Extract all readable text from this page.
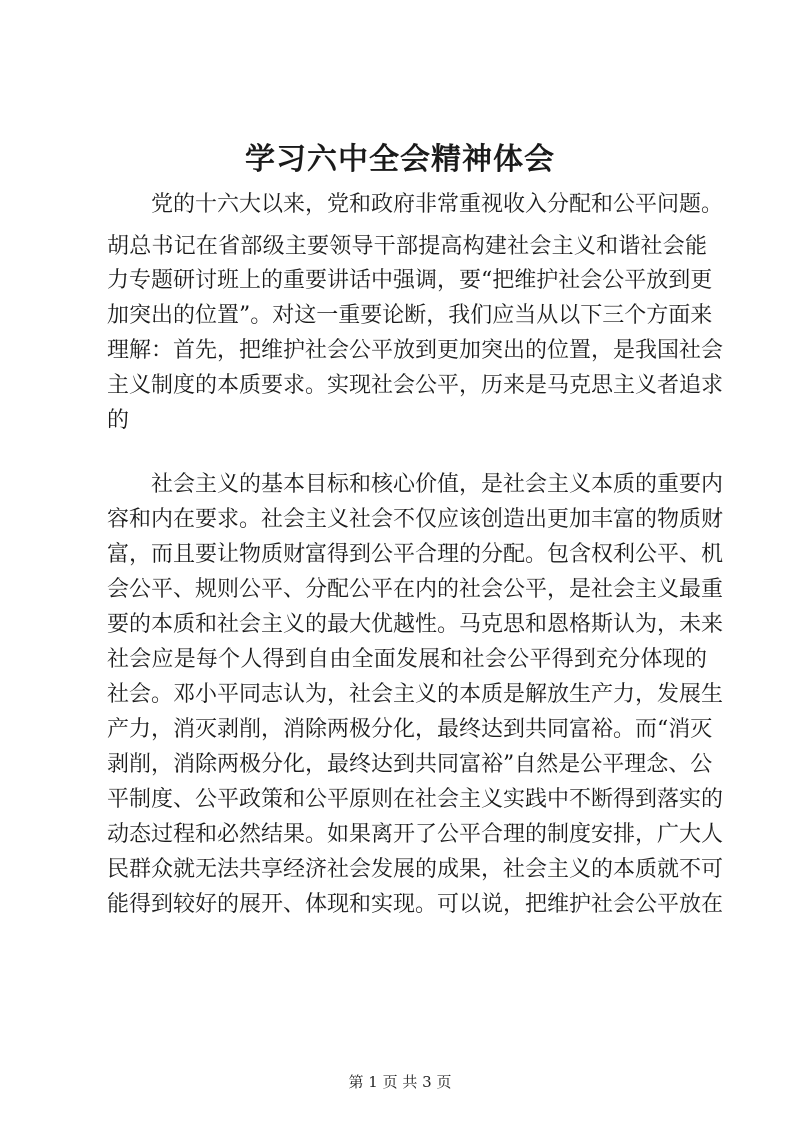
学习六中全会精神体会
　　党的十六大以来，党和政府非常重视收入分配和公平问题。
胡总书记在省部级主要领导干部提高构建社会主义和谐社会能
力专题研讨班上的重要讲话中强调，要“把维护社会公平放到更
加突出的位置”。对这一重要论断，我们应当从以下三个方面来
理解：首先，把维护社会公平放到更加突出的位置，是我国社会
主义制度的本质要求。实现社会公平，历来是马克思主义者追求
的
　　社会主义的基本目标和核心价值，是社会主义本质的重要内
容和内在要求。社会主义社会不仅应该创造出更加丰富的物质财
富，而且要让物质财富得到公平合理的分配。包含权利公平、机
会公平、规则公平、分配公平在内的社会公平，是社会主义最重
要的本质和社会主义的最大优越性。马克思和恩格斯认为，未来
社会应是每个人得到自由全面发展和社会公平得到充分体现的
社会。邓小平同志认为，社会主义的本质是解放生产力，发展生
产力，消灭剥削，消除两极分化，最终达到共同富裕。而“消灭
剥削，消除两极分化，最终达到共同富裕”自然是公平理念、公
平制度、公平政策和公平原则在社会主义实践中不断得到落实的
动态过程和必然结果。如果离开了公平合理的制度安排，广大人
民群众就无法共享经济社会发展的成果，社会主义的本质就不可
能得到较好的展开、体现和实现。可以说，把维护社会公平放在
第 1 页 共 3 页
